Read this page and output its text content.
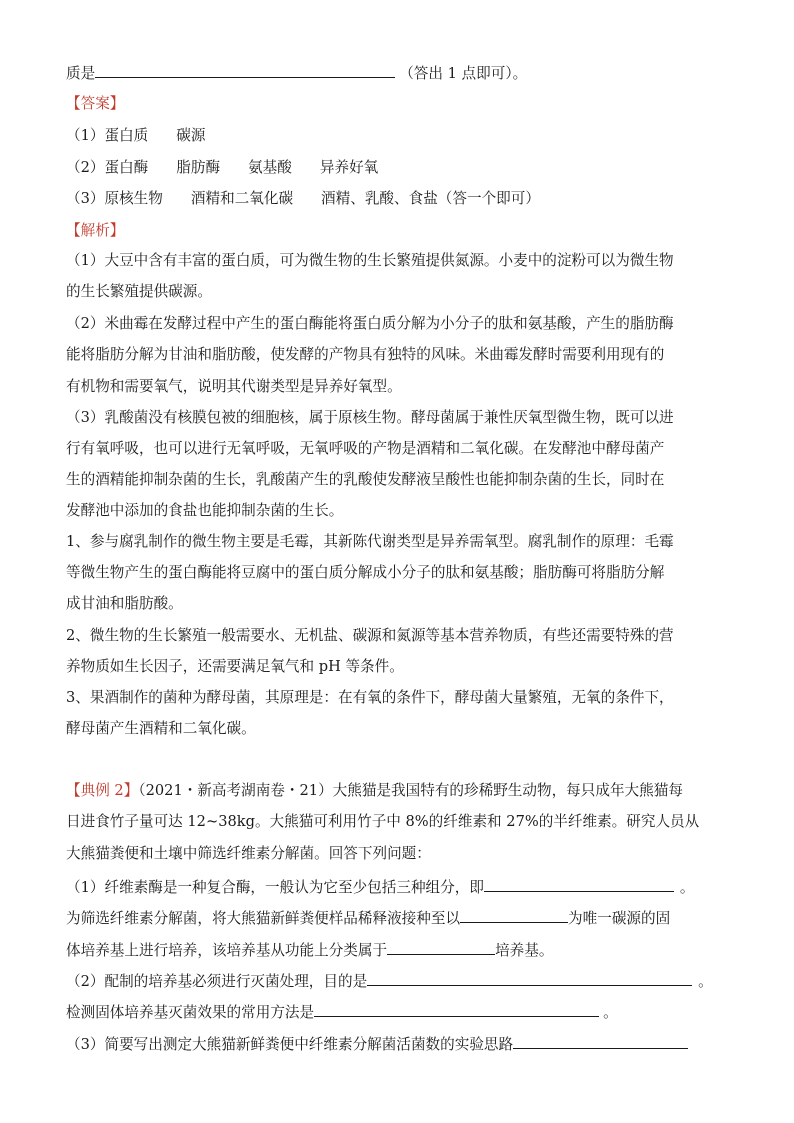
质是	（答出 1 点即可）。
【答案】
（1）蛋白质 碳源
（2）蛋白酶 脂肪酶 氨基酸 异养好氧
（3）原核生物 酒精和二氧化碳 酒精、乳酸、食盐（答一个即可）
【解析】
（1）大豆中含有丰富的蛋白质，可为微生物的生长繁殖提供氮源。小麦中的淀粉可以为微生物
的生长繁殖提供碳源。
（2）米曲霉在发酵过程中产生的蛋白酶能将蛋白质分解为小分子的肽和氨基酸，产生的脂肪酶
能将脂肪分解为甘油和脂肪酸，使发酵的产物具有独特的风味。米曲霉发酵时需要利用现有的
有机物和需要氧气，说明其代谢类型是异养好氧型。
（3）乳酸菌没有核膜包被的细胞核，属于原核生物。酵母菌属于兼性厌氧型微生物，既可以进
行有氧呼吸，也可以进行无氧呼吸，无氧呼吸的产物是酒精和二氧化碳。在发酵池中酵母菌产
生的酒精能抑制杂菌的生长，乳酸菌产生的乳酸使发酵液呈酸性也能抑制杂菌的生长，同时在
发酵池中添加的食盐也能抑制杂菌的生长。
1、参与腐乳制作的微生物主要是毛霉，其新陈代谢类型是异养需氧型。腐乳制作的原理：毛霉
等微生物产生的蛋白酶能将豆腐中的蛋白质分解成小分子的肽和氨基酸；脂肪酶可将脂肪分解
成甘油和脂肪酸。
2、微生物的生长繁殖一般需要水、无机盐、碳源和氮源等基本营养物质，有些还需要特殊的营
养物质如生长因子，还需要满足氧气和 pH 等条件。
3、果酒制作的菌种为酵母菌，其原理是：在有氧的条件下，酵母菌大量繁殖，无氧的条件下，
酵母菌产生酒精和二氧化碳。
【典例 2】（2021・新高考湖南卷・21）大熊猫是我国特有的珍稀野生动物，每只成年大熊猫每
日进食竹子量可达 12~38kg。大熊猫可利用竹子中 8%的纤维素和 27%的半纤维素。研究人员从
大熊猫粪便和土壤中筛选纤维素分解菌。回答下列问题：
（1）纤维素酶是一种复合酶，一般认为它至少包括三种组分，即	。
为筛选纤维素分解菌，将大熊猫新鲜粪便样品稀释液接种至以	为唯一碳源的固
体培养基上进行培养，该培养基从功能上分类属于	培养基。
（2）配制的培养基必须进行灭菌处理，目的是	。
检测固体培养基灭菌效果的常用方法是	。
（3）简要写出测定大熊猫新鲜粪便中纤维素分解菌活菌数的实验思路
